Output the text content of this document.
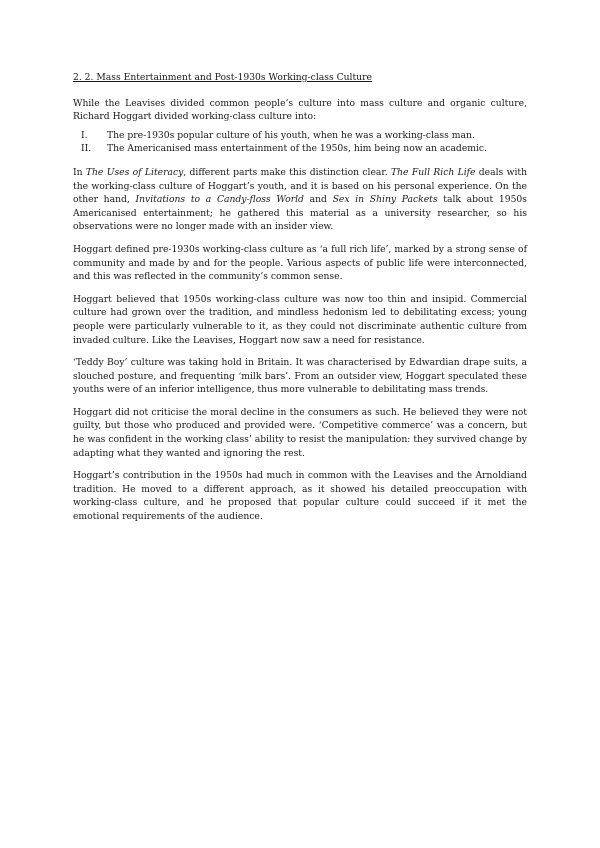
2. 2. Mass Entertainment and Post-1930s Working-class Culture

While the Leavises divided common people’s culture into mass culture and organic culture, Richard Hoggart divided working-class culture into:

I.	The pre-1930s popular culture of his youth, when he was a working-class man.
II.	The Americanised mass entertainment of the 1950s, him being now an academic.

In The Uses of Literacy, different parts make this distinction clear. The Full Rich Life deals with the working-class culture of Hoggart’s youth, and it is based on his personal experience. On the other hand, Invitations to a Candy-floss World and Sex in Shiny Packets talk about 1950s Americanised entertainment; he gathered this material as a university researcher, so his observations were no longer made with an insider view.

Hoggart defined pre-1930s working-class culture as ‘a full rich life’, marked by a strong sense of community and made by and for the people. Various aspects of public life were interconnected, and this was reflected in the community’s common sense.

Hoggart believed that 1950s working-class culture was now too thin and insipid. Commercial culture had grown over the tradition, and mindless hedonism led to debilitating excess; young people were particularly vulnerable to it, as they could not discriminate authentic culture from invaded culture. Like the Leavises, Hoggart now saw a need for resistance.

‘Teddy Boy’ culture was taking hold in Britain. It was characterised by Edwardian drape suits, a slouched posture, and frequenting ‘milk bars’. From an outsider view, Hoggart speculated these youths were of an inferior intelligence, thus more vulnerable to debilitating mass trends.

Hoggart did not criticise the moral decline in the consumers as such. He believed they were not guilty, but those who produced and provided were. ‘Competitive commerce’ was a concern, but he was confident in the working class’ ability to resist the manipulation: they survived change by adapting what they wanted and ignoring the rest.

Hoggart’s contribution in the 1950s had much in common with the Leavises and the Arnoldiand tradition. He moved to a different approach, as it showed his detailed preoccupation with working-class culture, and he proposed that popular culture could succeed if it met the emotional requirements of the audience.
